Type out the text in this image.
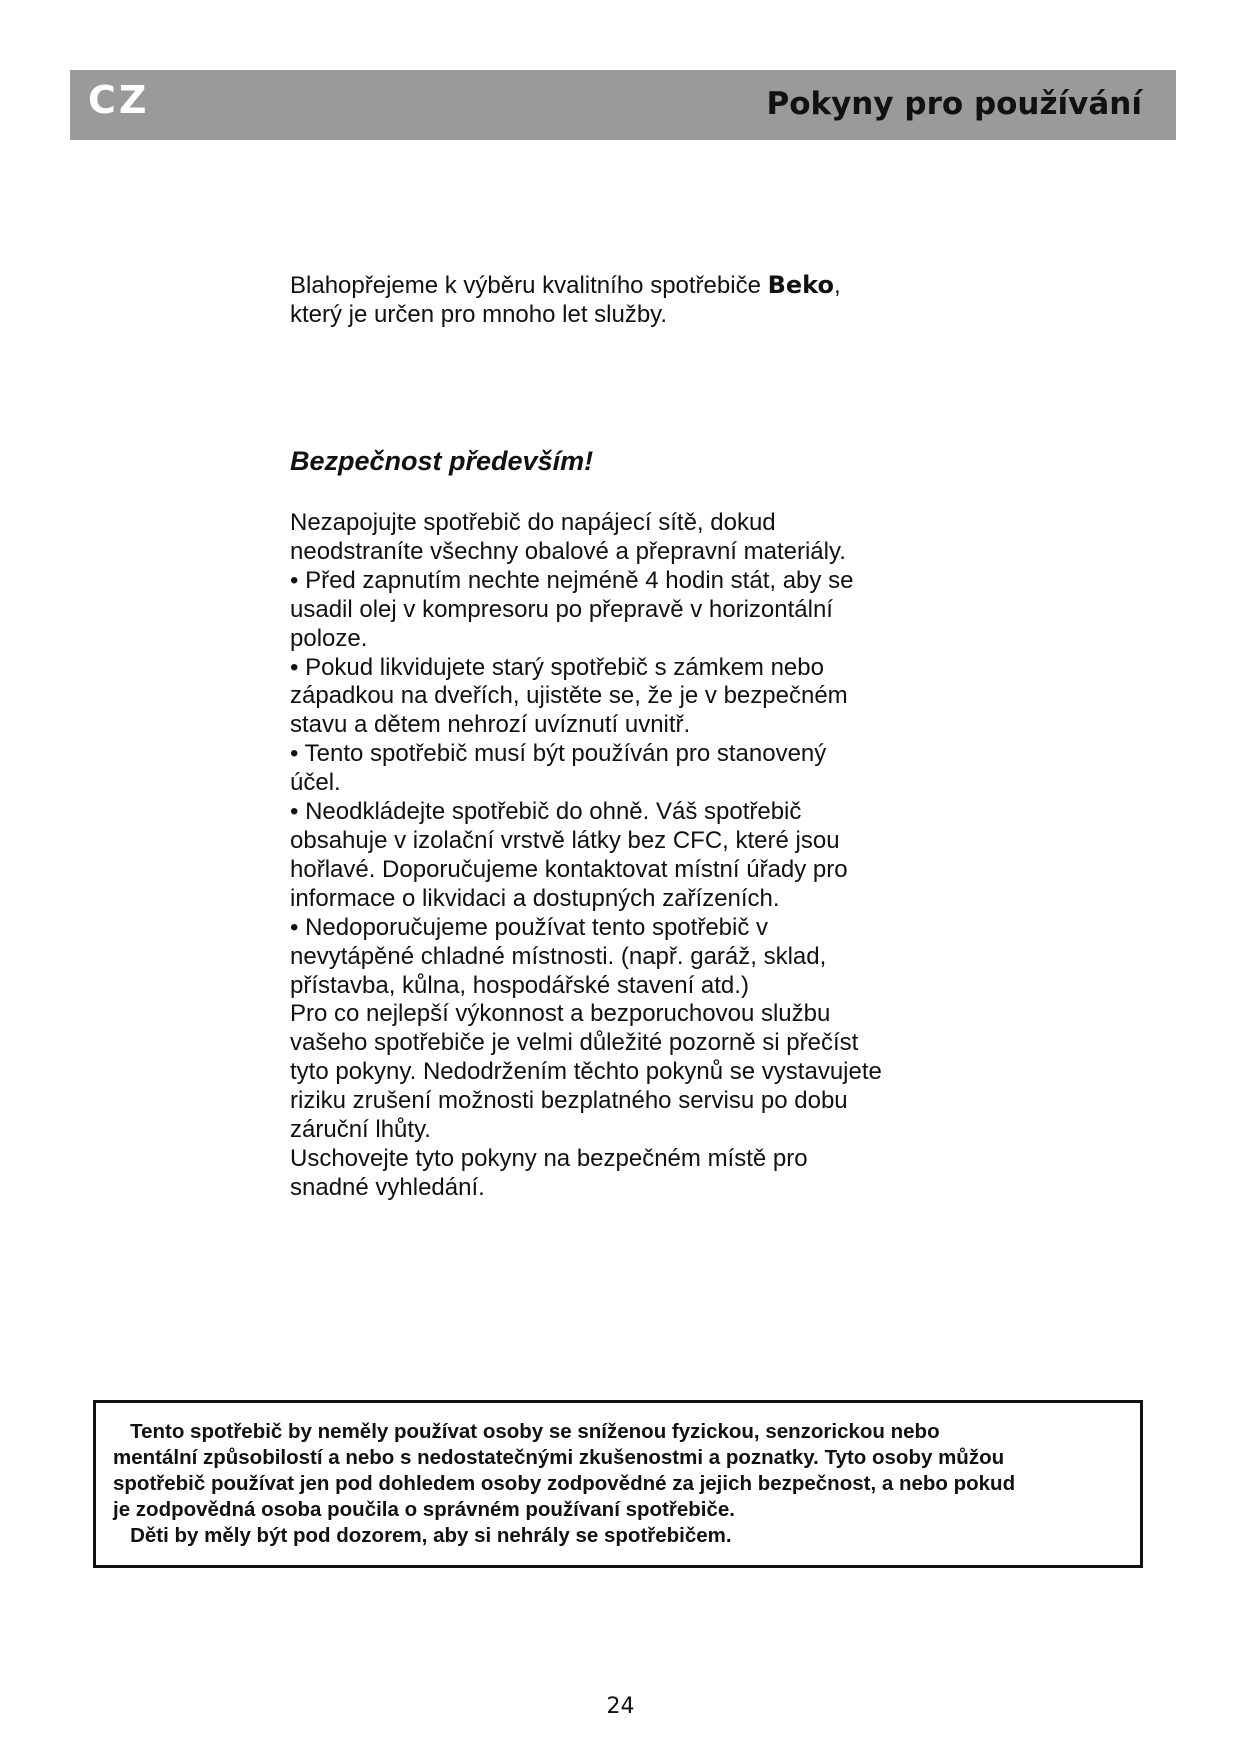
CZ	Pokyny pro používání
Blahopřejeme k výběru kvalitního spotřebiče Beko,
který je určen pro mnoho let služby.
Bezpečnost především!
Nezapojujte spotřebič do napájecí sítě, dokud
neodstraníte všechny obalové a přepravní materiály.
• Před zapnutím nechte nejméně 4 hodin stát, aby se
usadil olej v kompresoru po přepravě v horizontální
poloze.
• Pokud likvidujete starý spotřebič s zámkem nebo
západkou na dveřích, ujistěte se, že je v bezpečném
stavu a dětem nehrozí uvíznutí uvnitř.
• Tento spotřebič musí být používán pro stanovený
účel.
• Neodkládejte spotřebič do ohně. Váš spotřebič
obsahuje v izolační vrstvě látky bez CFC, které jsou
hořlavé. Doporučujeme kontaktovat místní úřady pro
informace o likvidaci a dostupných zařízeních.
• Nedoporučujeme používat tento spotřebič v
nevytápěné chladné místnosti. (např. garáž, sklad,
přístavba, kůlna, hospodářské stavení atd.)
Pro co nejlepší výkonnost a bezporuchovou službu
vašeho spotřebiče je velmi důležité pozorně si přečíst
tyto pokyny. Nedodržením těchto pokynů se vystavujete
riziku zrušení možnosti bezplatného servisu po dobu
záruční lhůty.
Uschovejte tyto pokyny na bezpečném místě pro
snadné vyhledání.
Tento spotřebič by neměly používat osoby se sníženou fyzickou, senzorickou nebo
mentální způsobilostí a nebo s nedostatečnými zkušenostmi a poznatky. Tyto osoby můžou
spotřebič používat jen pod dohledem osoby zodpovědné za jejich bezpečnost, a nebo pokud
je zodpovědná osoba poučila o správném používaní spotřebiče.
Děti by měly být pod dozorem, aby si nehrály se spotřebičem.
24
